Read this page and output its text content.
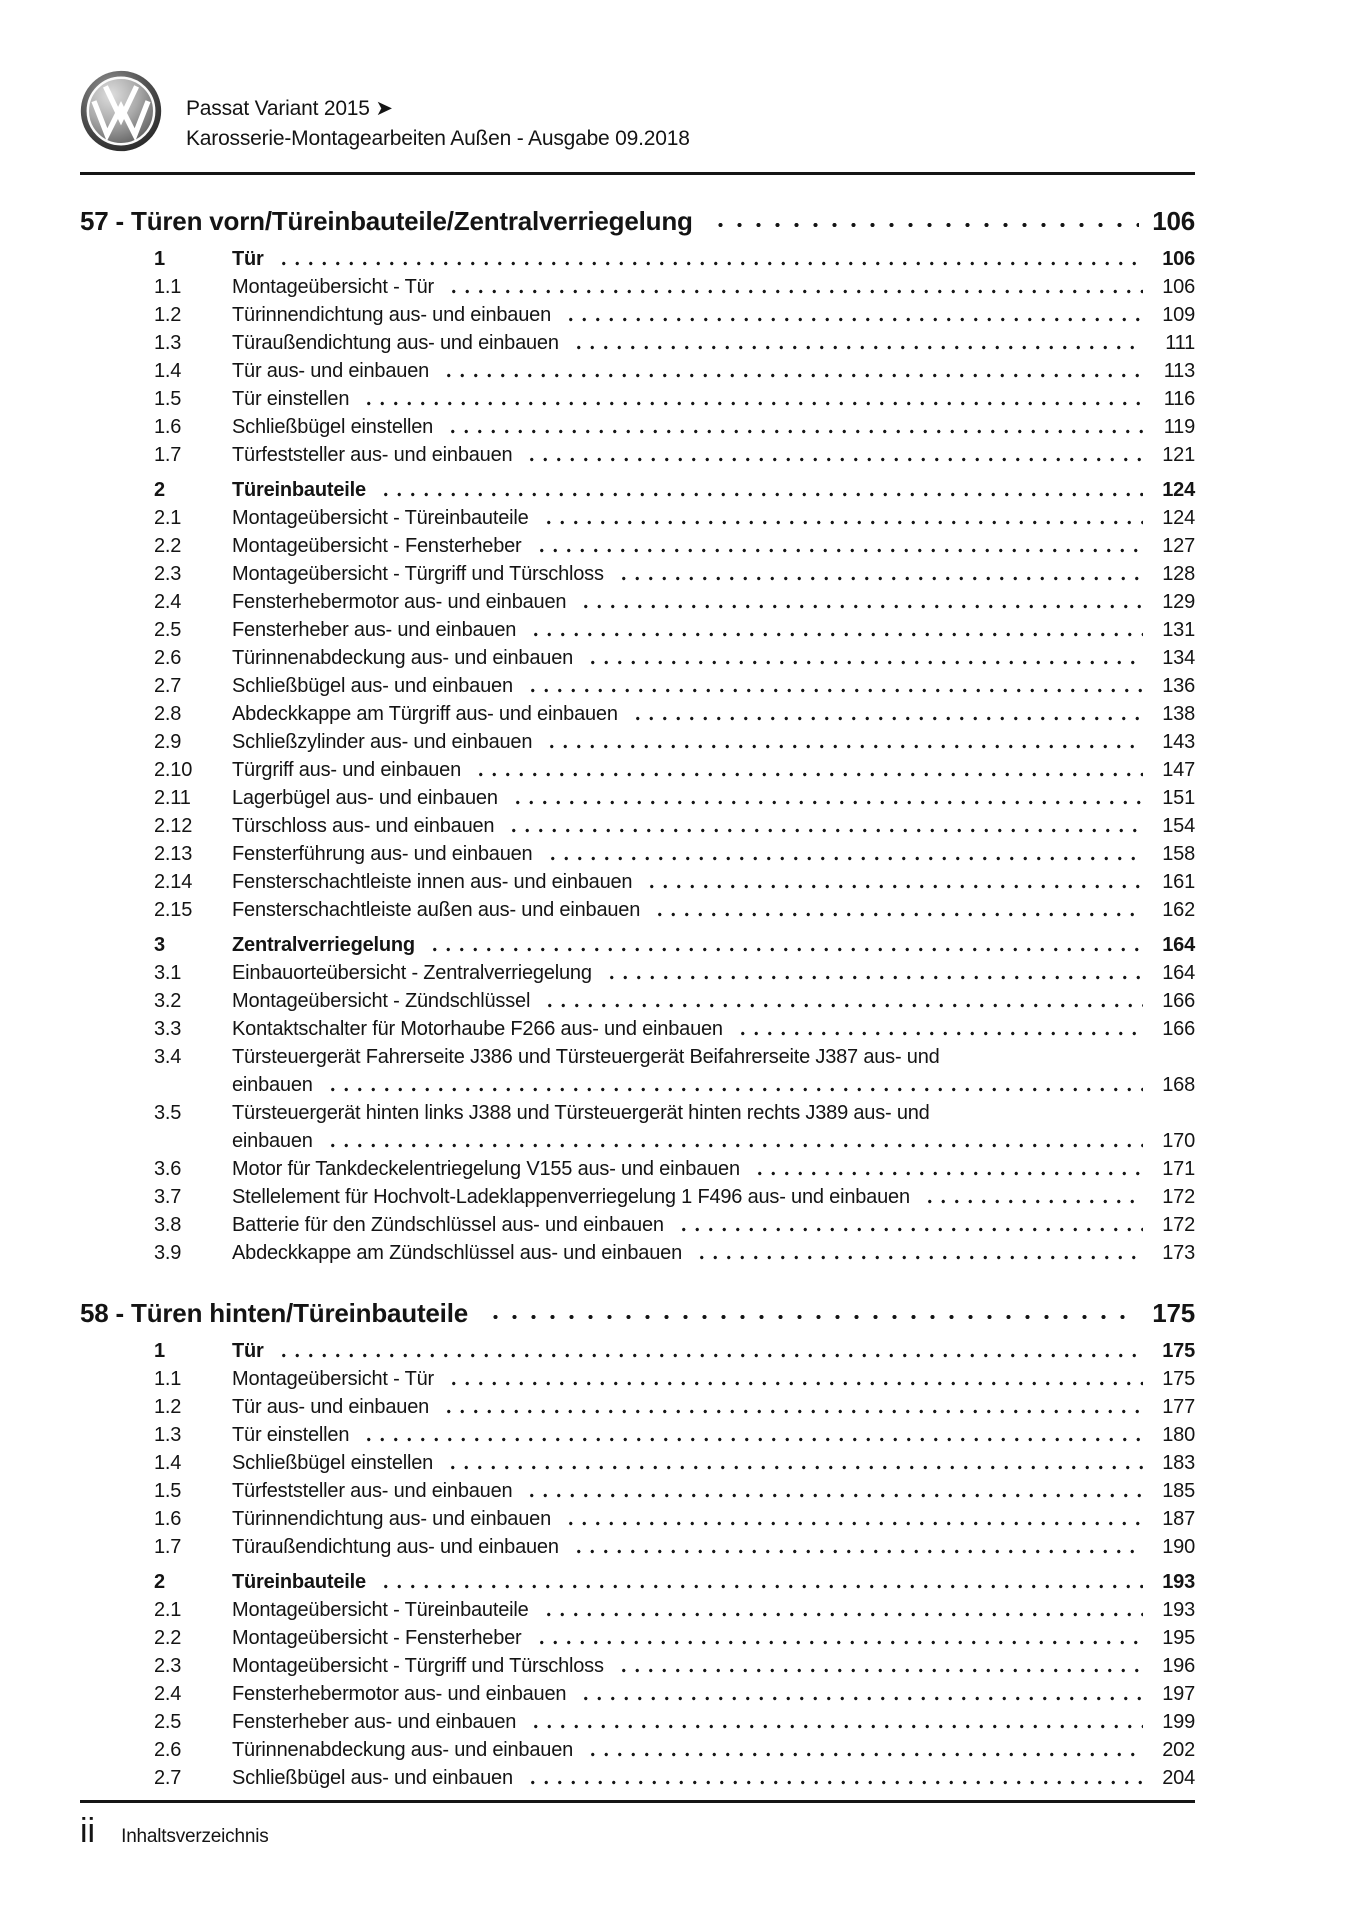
Passat Variant 2015 ➤
Karosserie-Montagearbeiten Außen - Ausgabe 09.2018
57 - Türen vorn/Türeinbauteile/Zentralverriegelung	106
1	Tür	106
1.1	Montageübersicht - Tür	106
1.2	Türinnendichtung aus- und einbauen	109
1.3	Türaußendichtung aus- und einbauen	111
1.4	Tür aus- und einbauen	113
1.5	Tür einstellen	116
1.6	Schließbügel einstellen	119
1.7	Türfeststeller aus- und einbauen	121
2	Türeinbauteile	124
2.1	Montageübersicht - Türeinbauteile	124
2.2	Montageübersicht - Fensterheber	127
2.3	Montageübersicht - Türgriff und Türschloss	128
2.4	Fensterhebermotor aus- und einbauen	129
2.5	Fensterheber aus- und einbauen	131
2.6	Türinnenabdeckung aus- und einbauen	134
2.7	Schließbügel aus- und einbauen	136
2.8	Abdeckkappe am Türgriff aus- und einbauen	138
2.9	Schließzylinder aus- und einbauen	143
2.10	Türgriff aus- und einbauen	147
2.11	Lagerbügel aus- und einbauen	151
2.12	Türschloss aus- und einbauen	154
2.13	Fensterführung aus- und einbauen	158
2.14	Fensterschachtleiste innen aus- und einbauen	161
2.15	Fensterschachtleiste außen aus- und einbauen	162
3	Zentralverriegelung	164
3.1	Einbauorteübersicht - Zentralverriegelung	164
3.2	Montageübersicht - Zündschlüssel	166
3.3	Kontaktschalter für Motorhaube F266 aus- und einbauen	166
3.4	Türsteuergerät Fahrerseite J386 und Türsteuergerät Beifahrerseite J387 aus- und
einbauen	168
3.5	Türsteuergerät hinten links J388 und Türsteuergerät hinten rechts J389 aus- und
einbauen	170
3.6	Motor für Tankdeckelentriegelung V155 aus- und einbauen	171
3.7	Stellelement für Hochvolt-Ladeklappenverriegelung 1 F496 aus- und einbauen	172
3.8	Batterie für den Zündschlüssel aus- und einbauen	172
3.9	Abdeckkappe am Zündschlüssel aus- und einbauen	173
58 - Türen hinten/Türeinbauteile	175
1	Tür	175
1.1	Montageübersicht - Tür	175
1.2	Tür aus- und einbauen	177
1.3	Tür einstellen	180
1.4	Schließbügel einstellen	183
1.5	Türfeststeller aus- und einbauen	185
1.6	Türinnendichtung aus- und einbauen	187
1.7	Türaußendichtung aus- und einbauen	190
2	Türeinbauteile	193
2.1	Montageübersicht - Türeinbauteile	193
2.2	Montageübersicht - Fensterheber	195
2.3	Montageübersicht - Türgriff und Türschloss	196
2.4	Fensterhebermotor aus- und einbauen	197
2.5	Fensterheber aus- und einbauen	199
2.6	Türinnenabdeckung aus- und einbauen	202
2.7	Schließbügel aus- und einbauen	204
ii Inhaltsverzeichnis
